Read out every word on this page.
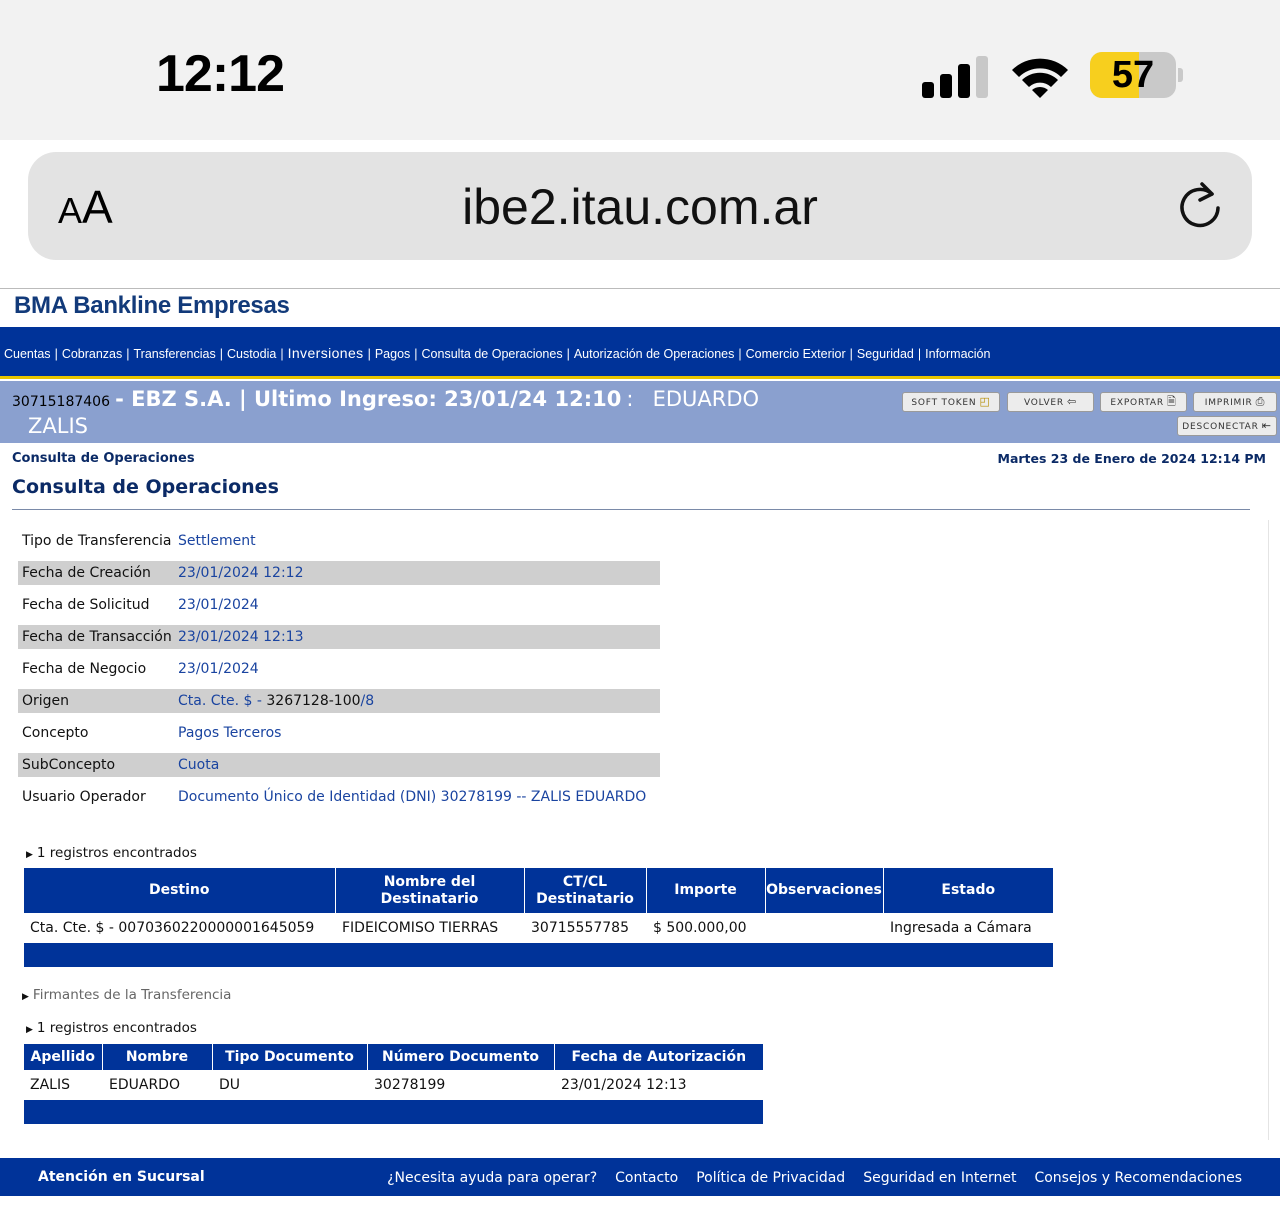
12:12	57
AA	ibe2.itau.com.ar
BMA Bankline Empresas
Cuentas | Cobranzas | Transferencias | Custodia | Inversiones | Pagos | Consulta de Operaciones | Autorización de Operaciones | Comercio Exterior | Seguridad | Información
30715187406 - EBZ S.A. | Ultimo Ingreso: 23/01/24 12:10 : EDUARDO
ZALIS
SOFT TOKEN ◰	VOLVER ⇦	EXPORTAR 🗎	IMPRIMIR ⎙
DESCONECTAR ⇤
Consulta de Operaciones	Martes 23 de Enero de 2024 12:14 PM
Consulta de Operaciones
Tipo de Transferencia Settlement
Fecha de Creación	23/01/2024 12:12
Fecha de Solicitud	23/01/2024
Fecha de Transacción 23/01/2024 12:13
Fecha de Negocio	23/01/2024
Origen	Cta. Cte. $ - 3267128-100/8
Concepto	Pagos Terceros
SubConcepto	Cuota
Usuario Operador	Documento Único de Identidad (DNI) 30278199 -- ZALIS EDUARDO
▶ 1 registros encontrados
Destino	Nombre del Destinatario	CT/CL Destinatario	Importe	Observaciones	Estado
Cta. Cte. $ - 0070360220000001645059	FIDEICOMISO TIERRAS	30715557785	$ 500.000,00		Ingresada a Cámara

▶ Firmantes de la Transferencia
▶ 1 registros encontrados
Apellido	Nombre	Tipo Documento	Número Documento	Fecha de Autorización
ZALIS	EDUARDO	DU	30278199	23/01/2024 12:13

Atención en Sucursal	¿Necesita ayuda para operar? Contacto Política de Privacidad Seguridad en Internet Consejos y Recomendaciones
